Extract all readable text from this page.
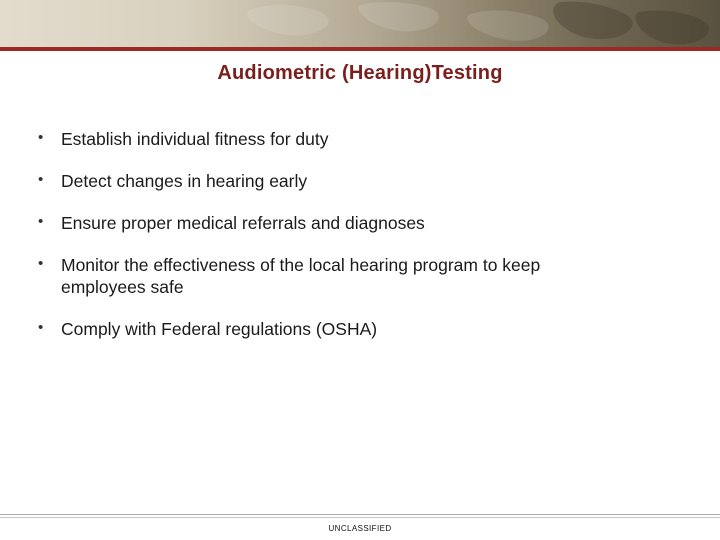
Audiometric (Hearing)Testing
• Establish individual fitness for duty
• Detect changes in hearing early
• Ensure proper medical referrals and diagnoses
• Monitor the effectiveness of the local hearing program to keep
employees safe
• Comply with Federal regulations (OSHA)
UNCLASSIFIED
